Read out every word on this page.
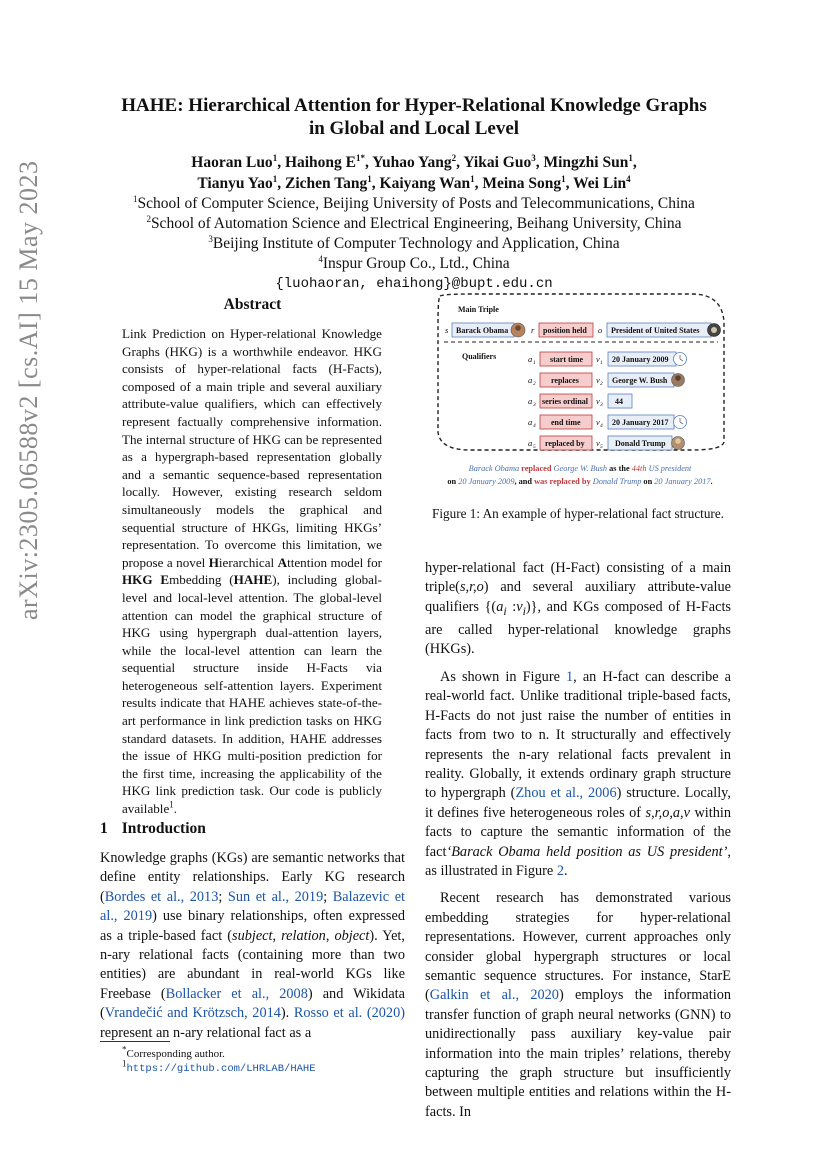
arXiv:2305.06588v2 [cs.AI] 15 May 2023
HAHE: Hierarchical Attention for Hyper-Relational Knowledge Graphs
in Global and Local Level
Haoran Luo$^1$, Haihong $E^{1*}$, Yuhao Yang$^2$, Yikai Guo$^3$, Mingzhi Sun$^1$,
Tianyu Yao$^1$, Zichen Tang$^1$, Kaiyang Wan$^1$, Meina Song$^1$, Wei Lin$^4$
$^1$School of Computer Science, Beijing University of Posts and Telecommunications, China
$^2$School of Automation Science and Electrical Engineering, Beihang University, China
$^3$Beijing Institute of Computer Technology and Application, China
$^4$Inspur Group Co., Ltd., China
{luohaoran, ehaihong}@bupt.edu.cn
Abstract

Link Prediction on Hyper-relational Knowledge Graphs (HKG) is a worthwhile endeavor. HKG consists of hyper-relational facts (H-Facts), composed of a main triple and several auxiliary attribute-value qualifiers, which can effectively represent factually comprehensive information. The internal structure of HKG can be represented as a hypergraph-based representation globally and a semantic sequence-based representation locally. However, existing research seldom simultaneously models the graphical and sequential structure of HKGs, limiting HKGs’ representation. To overcome this limitation, we propose a novel Hierarchical Attention model for HKG Embedding (HAHE), including global-level and local-level attention. The global-level attention can model the graphical structure of HKG using hypergraph dual-attention layers, while the local-level attention can learn the sequential structure inside H-Facts via heterogeneous self-attention layers. Experiment results indicate that HAHE achieves state-of-the-art performance in link prediction tasks on HKG standard datasets. In addition, HAHE addresses the issue of HKG multi-position prediction for the first time, increasing the applicability of the HKG link prediction task. Our code is publicly available$^1$.

1 Introduction
Knowledge graphs (KGs) are semantic networks that define entity relationships. Early KG research (Bordes et al., 2013; Sun et al., 2019; Balazevic et al., 2019) use binary relationships, often expressed as a triple-based fact (subject, relation, object). Yet, n-ary relational facts (containing more than two entities) are abundant in real-world KGs like Freebase (Bollacker et al., 2008) and Wikidata (Vrandečić and Krötzsch, 2014). Rosso et al. (2020) represent an n-ary relational fact as a
*Corresponding author.
$^1$https://github.com/LHRLAB/HAHE
Main Triple
s Barack Obama	r position held o President of United States
Qualifiers	a 1 start time v 1 20 January 2009
a 2 replaces v 2 George W. Bush
a 3 series ordinal v 3 44
a 4 end time v 4 20 January 2017
a 5 replaced by v 5 Donald Trump
Barack Obama replaced George W. Bush as the 44th US president
on 20 January 2009, and was replaced by Donald Trump on 20 January 2017.
Figure 1: An example of hyper-relational fact structure.

hyper-relational fact (H-Fact) consisting of a main triple(s,r,o) and several auxiliary attribute-value qualifiers {($a_i$ $:v_i$)}, and KGs composed of H-Facts are called hyper-relational knowledge graphs (HKGs).

As shown in Figure 1, an H-fact can describe a real-world fact. Unlike traditional triple-based facts, H-Facts do not just raise the number of entities in facts from two to n. It structurally and effectively represents the n-ary relational facts prevalent in reality. Globally, it extends ordinary graph structure to hypergraph (Zhou et al., 2006) structure. Locally, it defines five heterogeneous roles of s,r,o,a,v within facts to capture the semantic information of the fact‘Barack Obama held position as US president’, as illustrated in Figure 2.

Recent research has demonstrated various embedding strategies for hyper-relational representations. However, current approaches only consider global hypergraph structures or local semantic sequence structures. For instance, StarE (Galkin et al., 2020) employs the information transfer function of graph neural networks (GNN) to unidirectionally pass auxiliary key-value pair information into the main triples’ relations, thereby capturing the graph structure but insufficiently between multiple entities and relations within the H-facts. In
